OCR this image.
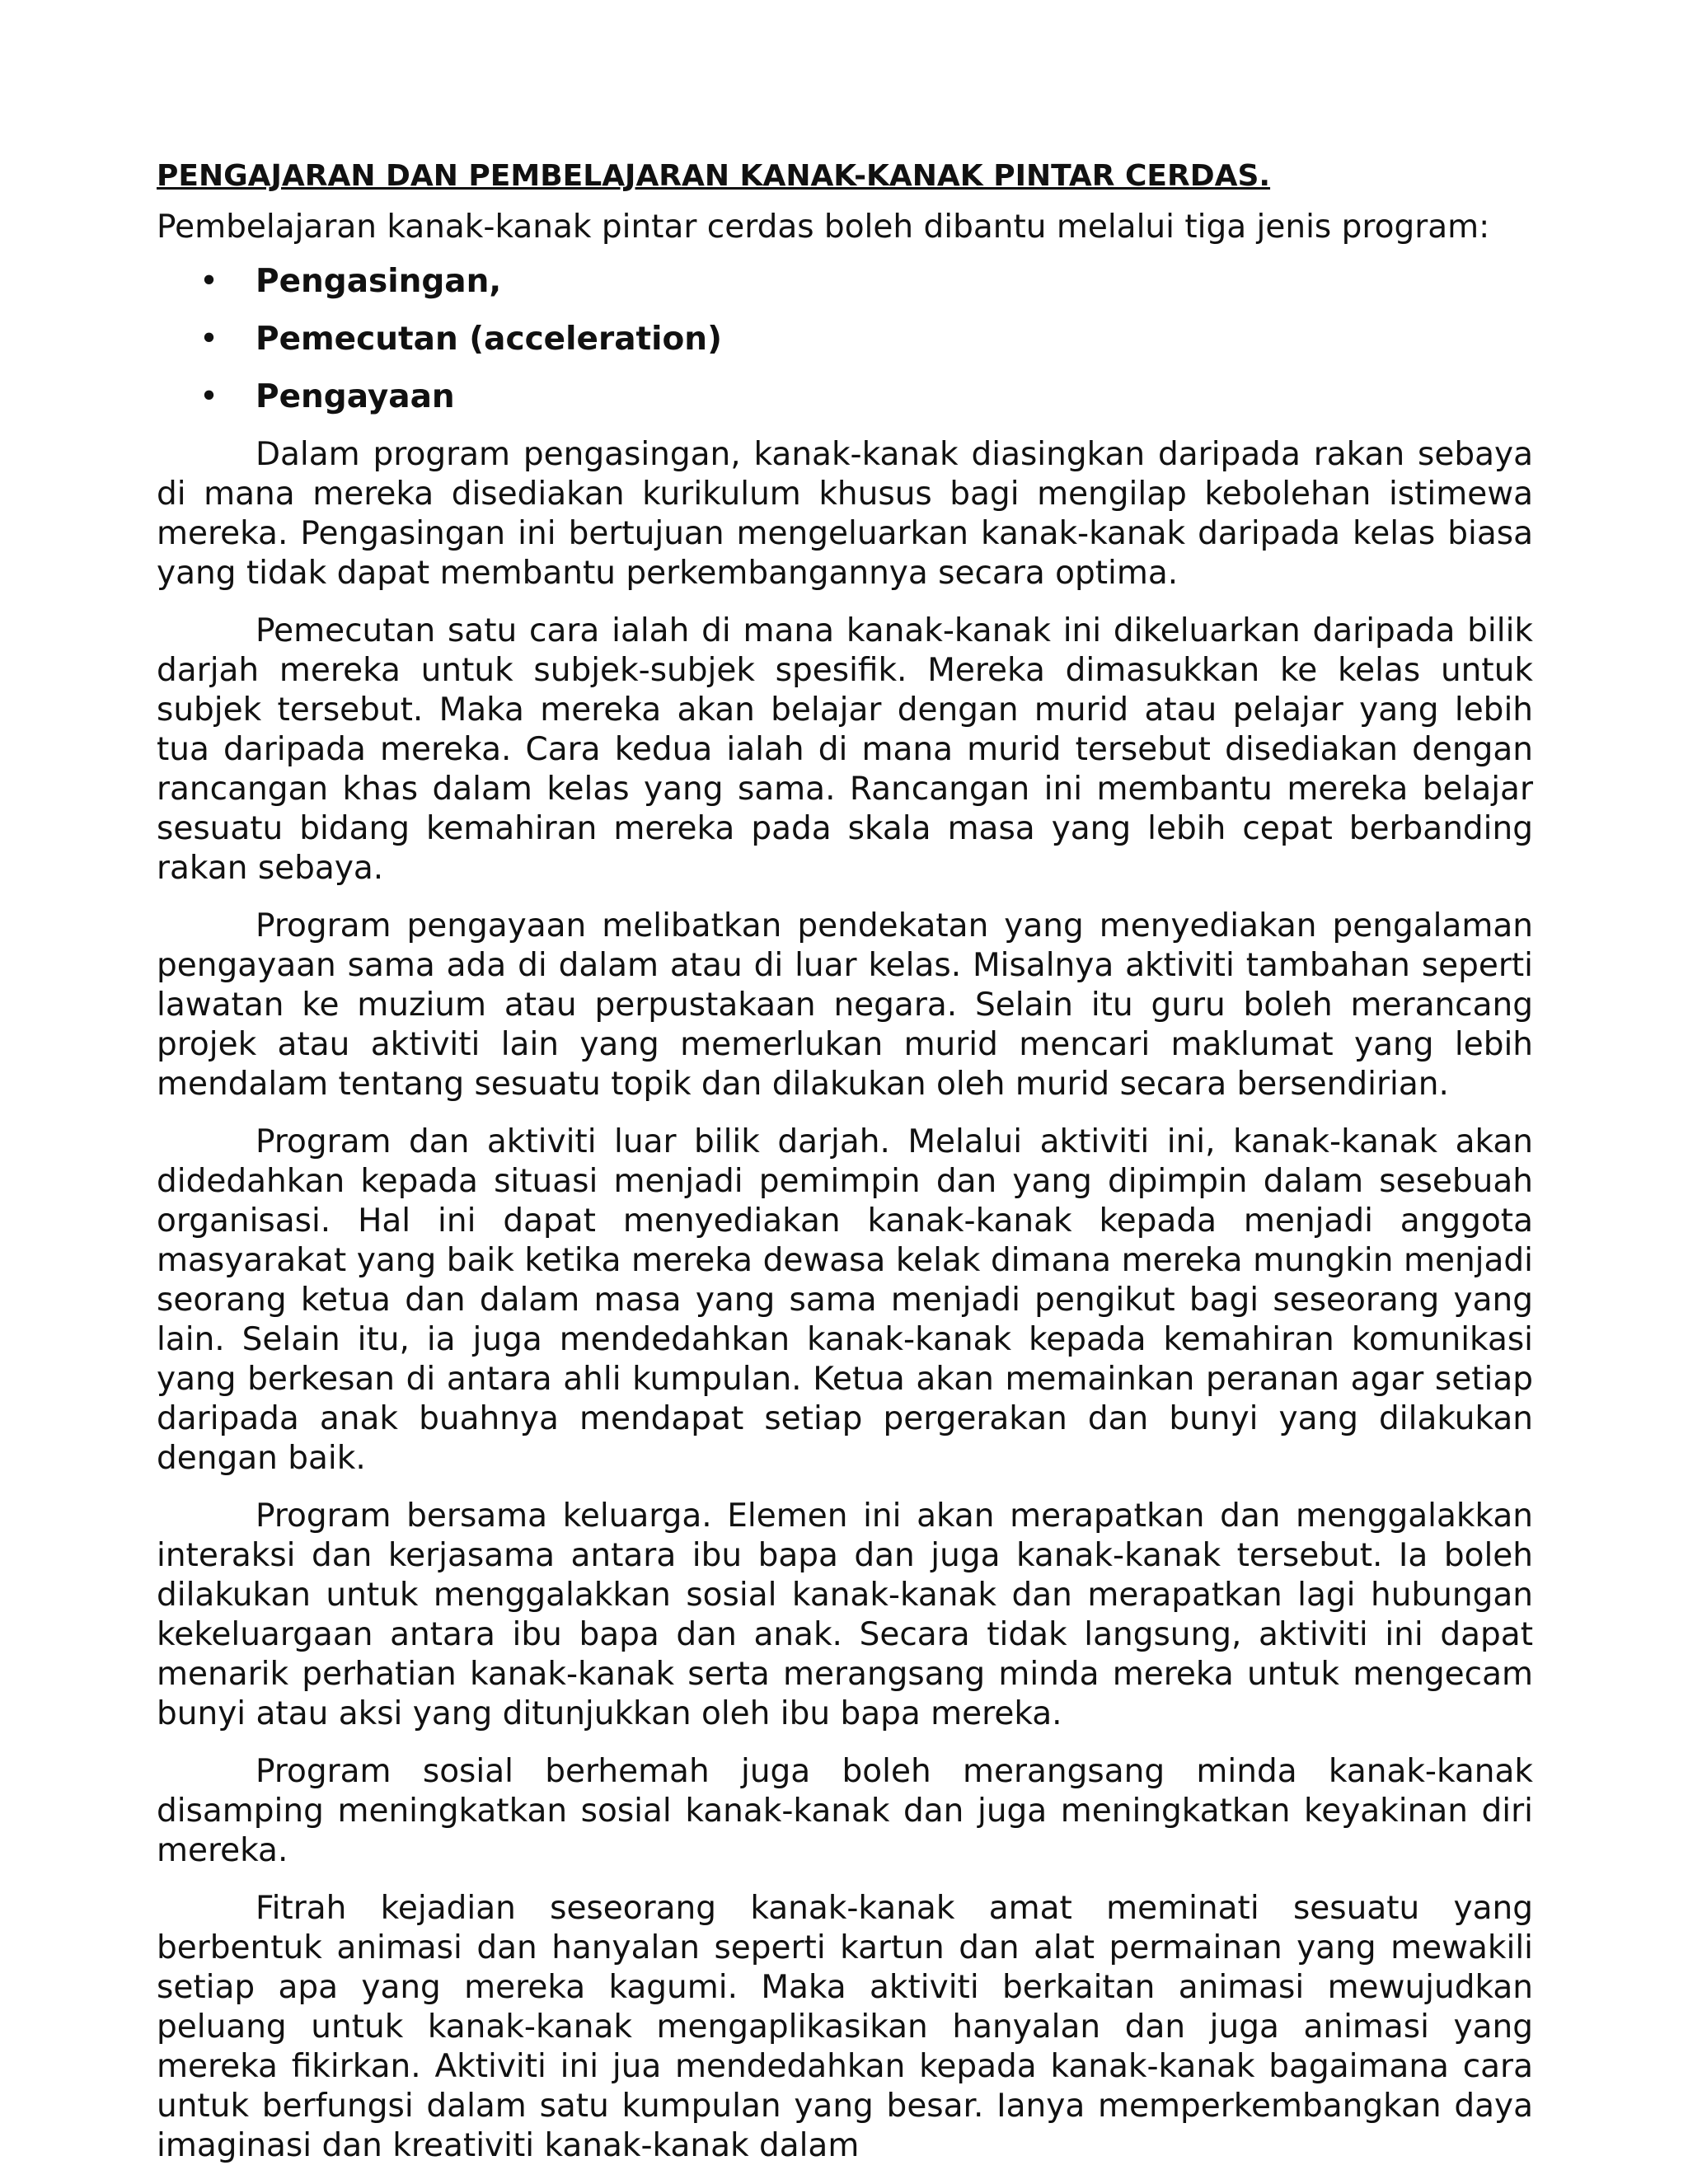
PENGAJARAN DAN PEMBELAJARAN KANAK-KANAK PINTAR CERDAS.

Pembelajaran kanak-kanak pintar cerdas boleh dibantu melalui tiga jenis program:

• Pengasingan,
• Pemecutan (acceleration)
• Pengayaan

Dalam program pengasingan, kanak-kanak diasingkan daripada rakan sebaya di mana mereka disediakan kurikulum khusus bagi mengilap kebolehan istimewa mereka. Pengasingan ini bertujuan mengeluarkan kanak-kanak daripada kelas biasa yang tidak dapat membantu perkembangannya secara optima.

Pemecutan satu cara ialah di mana kanak-kanak ini dikeluarkan daripada bilik darjah mereka untuk subjek-subjek spesifik. Mereka dimasukkan ke kelas untuk subjek tersebut. Maka mereka akan belajar dengan murid atau pelajar yang lebih tua daripada mereka. Cara kedua ialah di mana murid tersebut disediakan dengan rancangan khas dalam kelas yang sama. Rancangan ini membantu mereka belajar sesuatu bidang kemahiran mereka pada skala masa yang lebih cepat berbanding rakan sebaya.

Program pengayaan melibatkan pendekatan yang menyediakan pengalaman pengayaan sama ada di dalam atau di luar kelas. Misalnya aktiviti tambahan seperti lawatan ke muzium atau perpustakaan negara. Selain itu guru boleh merancang projek atau aktiviti lain yang memerlukan murid mencari maklumat yang lebih mendalam tentang sesuatu topik dan dilakukan oleh murid secara bersendirian.

Program dan aktiviti luar bilik darjah. Melalui aktiviti ini, kanak-kanak akan didedahkan kepada situasi menjadi pemimpin dan yang dipimpin dalam sesebuah organisasi. Hal ini dapat menyediakan kanak-kanak kepada menjadi anggota masyarakat yang baik ketika mereka dewasa kelak dimana mereka mungkin menjadi seorang ketua dan dalam masa yang sama menjadi pengikut bagi seseorang yang lain. Selain itu, ia juga mendedahkan kanak-kanak kepada kemahiran komunikasi yang berkesan di antara ahli kumpulan. Ketua akan memainkan peranan agar setiap daripada anak buahnya mendapat setiap pergerakan dan bunyi yang dilakukan dengan baik.

Program bersama keluarga. Elemen ini akan merapatkan dan menggalakkan interaksi dan kerjasama antara ibu bapa dan juga kanak-kanak tersebut. Ia boleh dilakukan untuk menggalakkan sosial kanak-kanak dan merapatkan lagi hubungan kekeluargaan antara ibu bapa dan anak. Secara tidak langsung, aktiviti ini dapat menarik perhatian kanak-kanak serta merangsang minda mereka untuk mengecam bunyi atau aksi yang ditunjukkan oleh ibu bapa mereka.

Program sosial berhemah juga boleh merangsang minda kanak-kanak disamping meningkatkan sosial kanak-kanak dan juga meningkatkan keyakinan diri mereka.

Fitrah kejadian seseorang kanak-kanak amat meminati sesuatu yang berbentuk animasi dan hanyalan seperti kartun dan alat permainan yang mewakili setiap apa yang mereka kagumi. Maka aktiviti berkaitan animasi mewujudkan peluang untuk kanak-kanak mengaplikasikan hanyalan dan juga animasi yang mereka fikirkan. Aktiviti ini jua mendedahkan kepada kanak-kanak bagaimana cara untuk berfungsi dalam satu kumpulan yang besar. Ianya memperkembangkan daya imaginasi dan kreativiti kanak-kanak dalam
